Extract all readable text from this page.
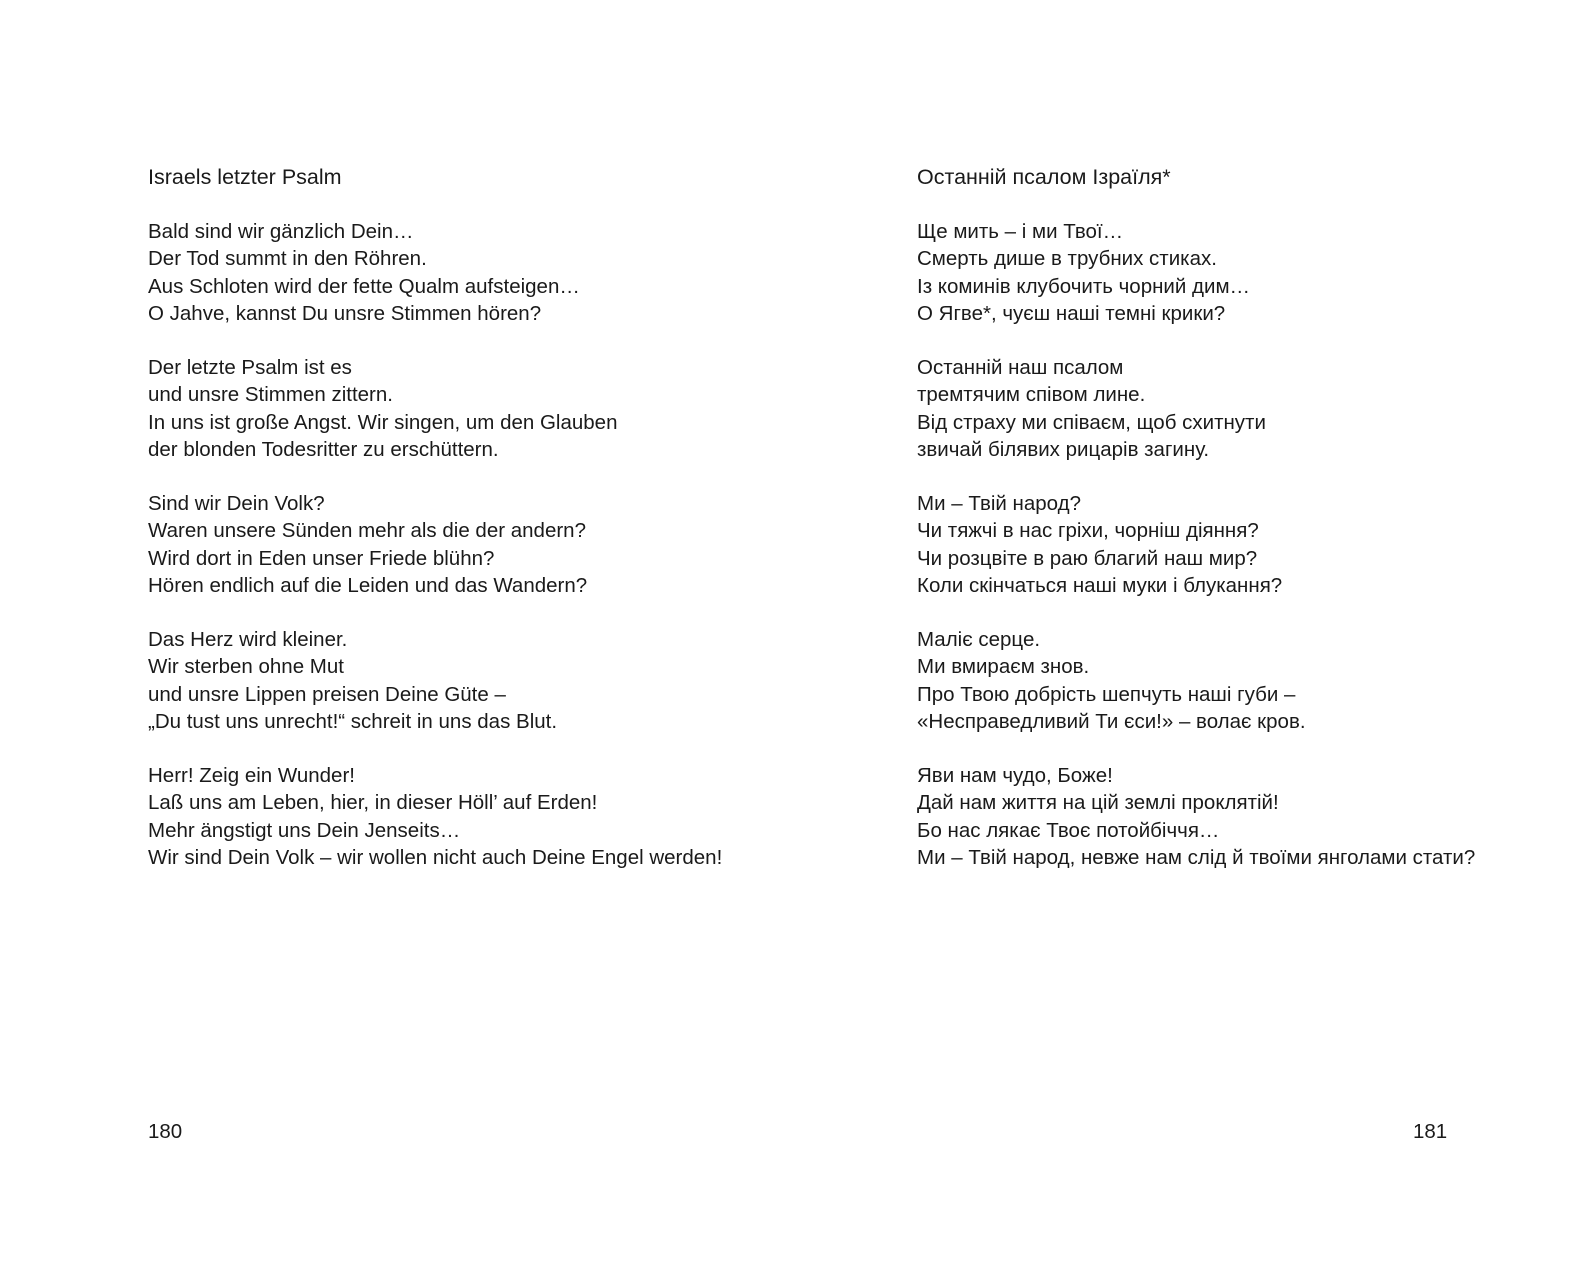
Israels letzter Psalm
Bald sind wir gänzlich Dein…
Der Tod summt in den Röhren.
Aus Schloten wird der fette Qualm aufsteigen…
O Jahve, kannst Du unsre Stimmen hören?
Der letzte Psalm ist es
und unsre Stimmen zittern.
In uns ist große Angst. Wir singen, um den Glauben
der blonden Todesritter zu erschüttern.
Sind wir Dein Volk?
Waren unsere Sünden mehr als die der andern?
Wird dort in Eden unser Friede blühn?
Hören endlich auf die Leiden und das Wandern?
Das Herz wird kleiner.
Wir sterben ohne Mut
und unsre Lippen preisen Deine Güte –
„Du tust uns unrecht!“ schreit in uns das Blut.
Herr! Zeig ein Wunder!
Laß uns am Leben, hier, in dieser Höll’ auf Erden!
Mehr ängstigt uns Dein Jenseits…
Wir sind Dein Volk – wir wollen nicht auch Deine Engel werden!
180
Останній псалом Ізраїля*
Ще мить – і ми Твої…
Смерть дише в трубних стиках.
Із коминів клубочить чорний дим…
О Ягве*, чуєш наші темні крики?
Останній наш псалом
тремтячим співом лине.
Від страху ми співаєм, щоб схитнути
звичай білявих рицарів загину.
Ми – Твій народ?
Чи тяжчі в нас гріхи, чорніш діяння?
Чи розцвіте в раю благий наш мир?
Коли скінчаться наші муки і блукання?
Маліє серце.
Ми вмираєм знов.
Про Твою добрість шепчуть наші губи –
«Несправедливий Ти єси!» – волає кров.
Яви нам чудо, Боже!
Дай нам життя на цій землі проклятій!
Бо нас лякає Твоє потойбіччя…
Ми – Твій народ, невже нам слід й твоїми янголами стати?
181
